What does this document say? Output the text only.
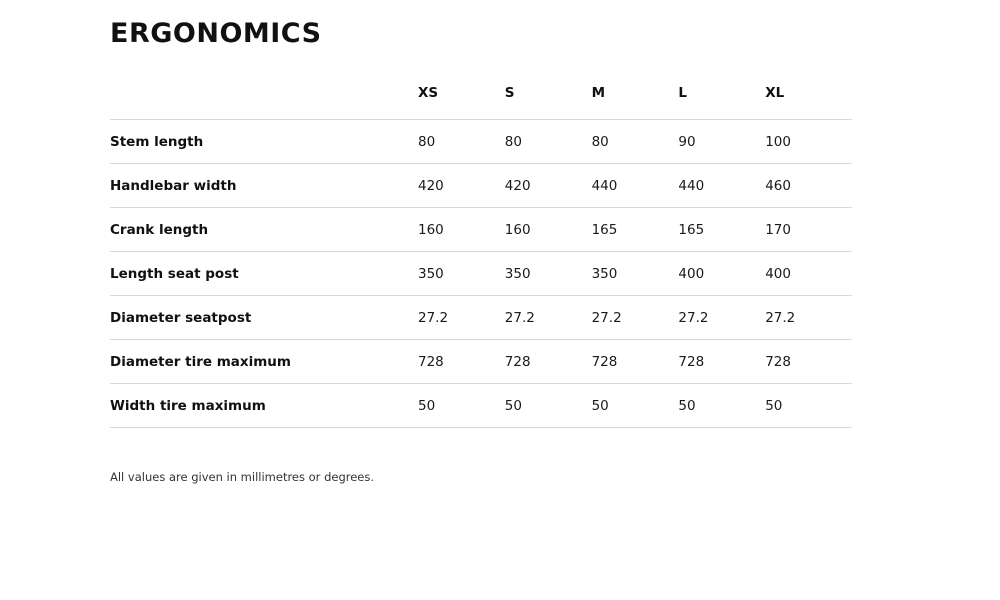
ERGONOMICS
	XS	S	M	L	XL
Stem length	80	80	80	90	100
Handlebar width	420	420	440	440	460
Crank length	160	160	165	165	170
Length seat post	350	350	350	400	400
Diameter seatpost	27.2	27.2	27.2	27.2	27.2
Diameter tire maximum	728	728	728	728	728
Width tire maximum	50	50	50	50	50
All values are given in millimetres or degrees.
